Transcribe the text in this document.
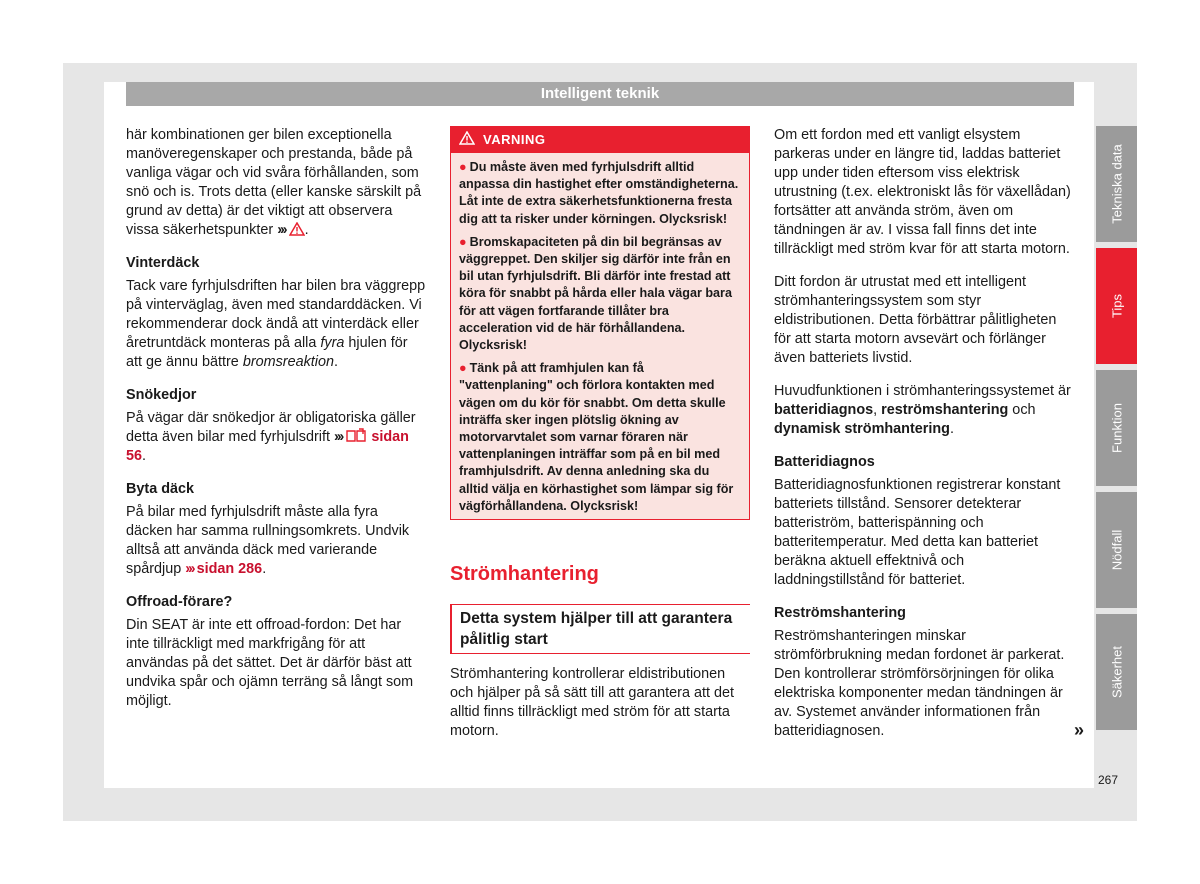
Intelligent teknik

här kombinationen ger bilen exceptionella manöveregenskaper och prestanda, både på vanliga vägar och vid svåra förhållanden, som snö och is. Trots detta (eller kanske särskilt på grund av detta) är det viktigt att observera vissa säkerhetspunkter ››› .

Vinterdäck

Tack vare fyrhjulsdriften har bilen bra väggrepp på vinterväglag, även med standarddäcken. Vi rekommenderar dock ändå att vinterdäck eller åretruntdäck monteras på alla fyra hjulen för att ge ännu bättre bromsreaktion.

Snökedjor

På vägar där snökedjor är obligatoriska gäller detta även bilar med fyrhjulsdrift ››› sidan 56.

Byta däck

På bilar med fyrhjulsdrift måste alla fyra däcken har samma rullningsomkrets. Undvik alltså att använda däck med varierande spårdjup ››› sidan 286.

Offroad-förare?

Din SEAT är inte ett offroad-fordon: Det har inte tillräckligt med markfrigång för att användas på det sättet. Det är därför bäst att undvika spår och ojämn terräng så långt som möjligt.

VARNING

● Du måste även med fyrhjulsdrift alltid anpassa din hastighet efter omständigheterna. Låt inte de extra säkerhetsfunktionerna fresta dig att ta risker under körningen. Olycksrisk!

● Bromskapaciteten på din bil begränsas av väggreppet. Den skiljer sig därför inte från en bil utan fyrhjulsdrift. Bli därför inte frestad att köra för snabbt på hårda eller hala vägar bara för att vägen fortfarande tillåter bra acceleration vid de här förhållandena. Olycksrisk!

● Tänk på att framhjulen kan få "vattenplaning" och förlora kontakten med vägen om du kör för snabbt. Om detta skulle inträffa sker ingen plötslig ökning av motorvarvtalet som varnar föraren när vattenplaningen inträffar som på en bil med framhjulsdrift. Av denna anledning ska du alltid välja en körhastighet som lämpar sig för vägförhållandena. Olycksrisk!

Strömhantering
Detta system hjälper till att garantera pålitlig start
Strömhantering kontrollerar eldistributionen och hjälper på så sätt till att garantera att det alltid finns tillräckligt med ström för att starta motorn.

Om ett fordon med ett vanligt elsystem parkeras under en längre tid, laddas batteriet upp under tiden eftersom viss elektrisk utrustning (t.ex. elektroniskt lås för växellådan) fortsätter att använda ström, även om tändningen är av. I vissa fall finns det inte tillräckligt med ström kvar för att starta motorn.

Ditt fordon är utrustat med ett intelligent strömhanteringssystem som styr eldistributionen. Detta förbättrar pålitligheten för att starta motorn avsevärt och förlänger även batteriets livstid.

Huvudfunktionen i strömhanteringssystemet är batteridiagnos, reströmshantering och dynamisk strömhantering.

Batteridiagnos

Batteridiagnosfunktionen registrerar konstant batteriets tillstånd. Sensorer detekterar batteriström, batterispänning och batteritemperatur. Med detta kan batteriet beräkna aktuell effektnivå och laddningstillstånd för batteriet.

Reströmshantering

Reströmshanteringen minskar strömförbrukning medan fordonet är parkerat. Den kontrollerar strömförsörjningen för olika elektriska komponenter medan tändningen är av. Systemet använder informationen från batteridiagnosen.	»
Tekniska data
Tips
Funktion
Nödfall
Säkerhet
267
